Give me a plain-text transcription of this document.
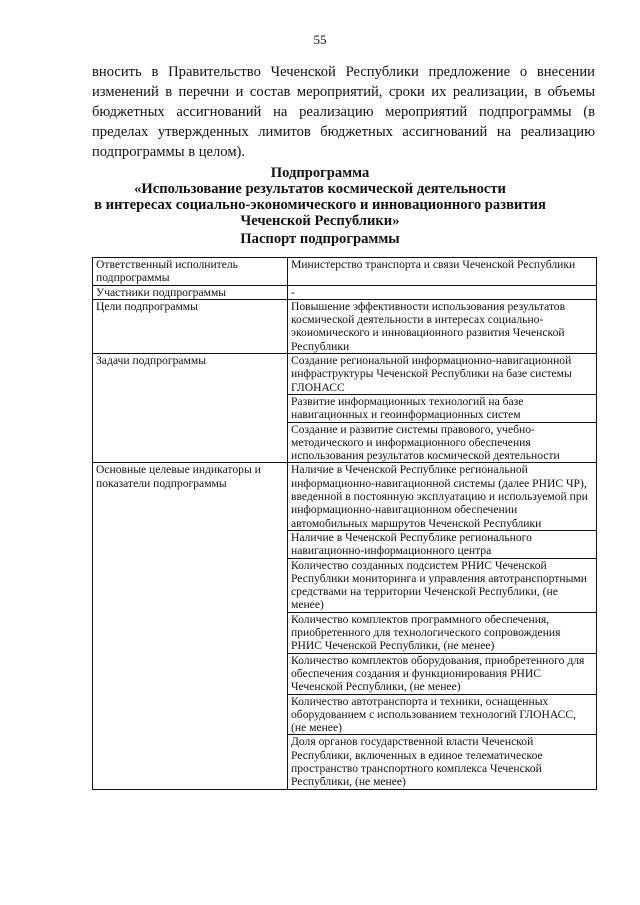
55

вносить в Правительство Чеченской Республики предложение о внесении изменений в перечни и состав мероприятий, сроки их реализации, в объемы бюджетных ассигнований на реализацию мероприятий подпрограммы (в пределах утвержденных лимитов бюджетных ассигнований на реализацию подпрограммы в целом).

Подпрограмма
«Использование результатов космической деятельности
в интересах социально-экономического и инновационного развития
Чеченской Республики»
Паспорт подпрограммы
Ответственный исполнитель подпрограммы	Министерство транспорта и связи Чеченской Республики
Участники подпрограммы	-
Цели подпрограммы	Повышение эффективности использования результатов космической деятельности в интересах социально-экономического и инновационного развития Чеченской Республики
Задачи подпрограммы	Создание региональной информационно-навигационной инфраструктуры Чеченской Республики на базе системы ГЛОНАСС
	Развитие информационных технологий на базе навигационных и геоинформационных систем
	Создание и развитие системы правового, учебно-методического и информационного обеспечения использования результатов космической деятельности
Основные целевые индикаторы и показатели подпрограммы	Наличие в Чеченской Республике региональной информационно-навигационной системы (далее РНИС ЧР), введенной в постоянную эксплуатацию и используемой при информационно-навигационном обеспечении автомобильных маршрутов Чеченской Республики
	Наличие в Чеченской Республике регионального навигационно-информационного центра
	Количество созданных подсистем РНИС Чеченской Республики мониторинга и управления автотранспортными средствами на территории Чеченской Республики, (не менее)
	Количество комплектов программного обеспечения, приобретенного для технологического сопровождения РНИС Чеченской Республики, (не менее)
	Количество комплектов оборудования, приобретенного для обеспечения создания и функционирования РНИС Чеченской Республики, (не менее)
	Количество автотранспорта и техники, оснащенных оборудованием с использованием технологий ГЛОНАСС, (не менее)
	Доля органов государственной власти Чеченской Республики, включенных в единое телематическое пространство транспортного комплекса Чеченской Республики, (не менее)
